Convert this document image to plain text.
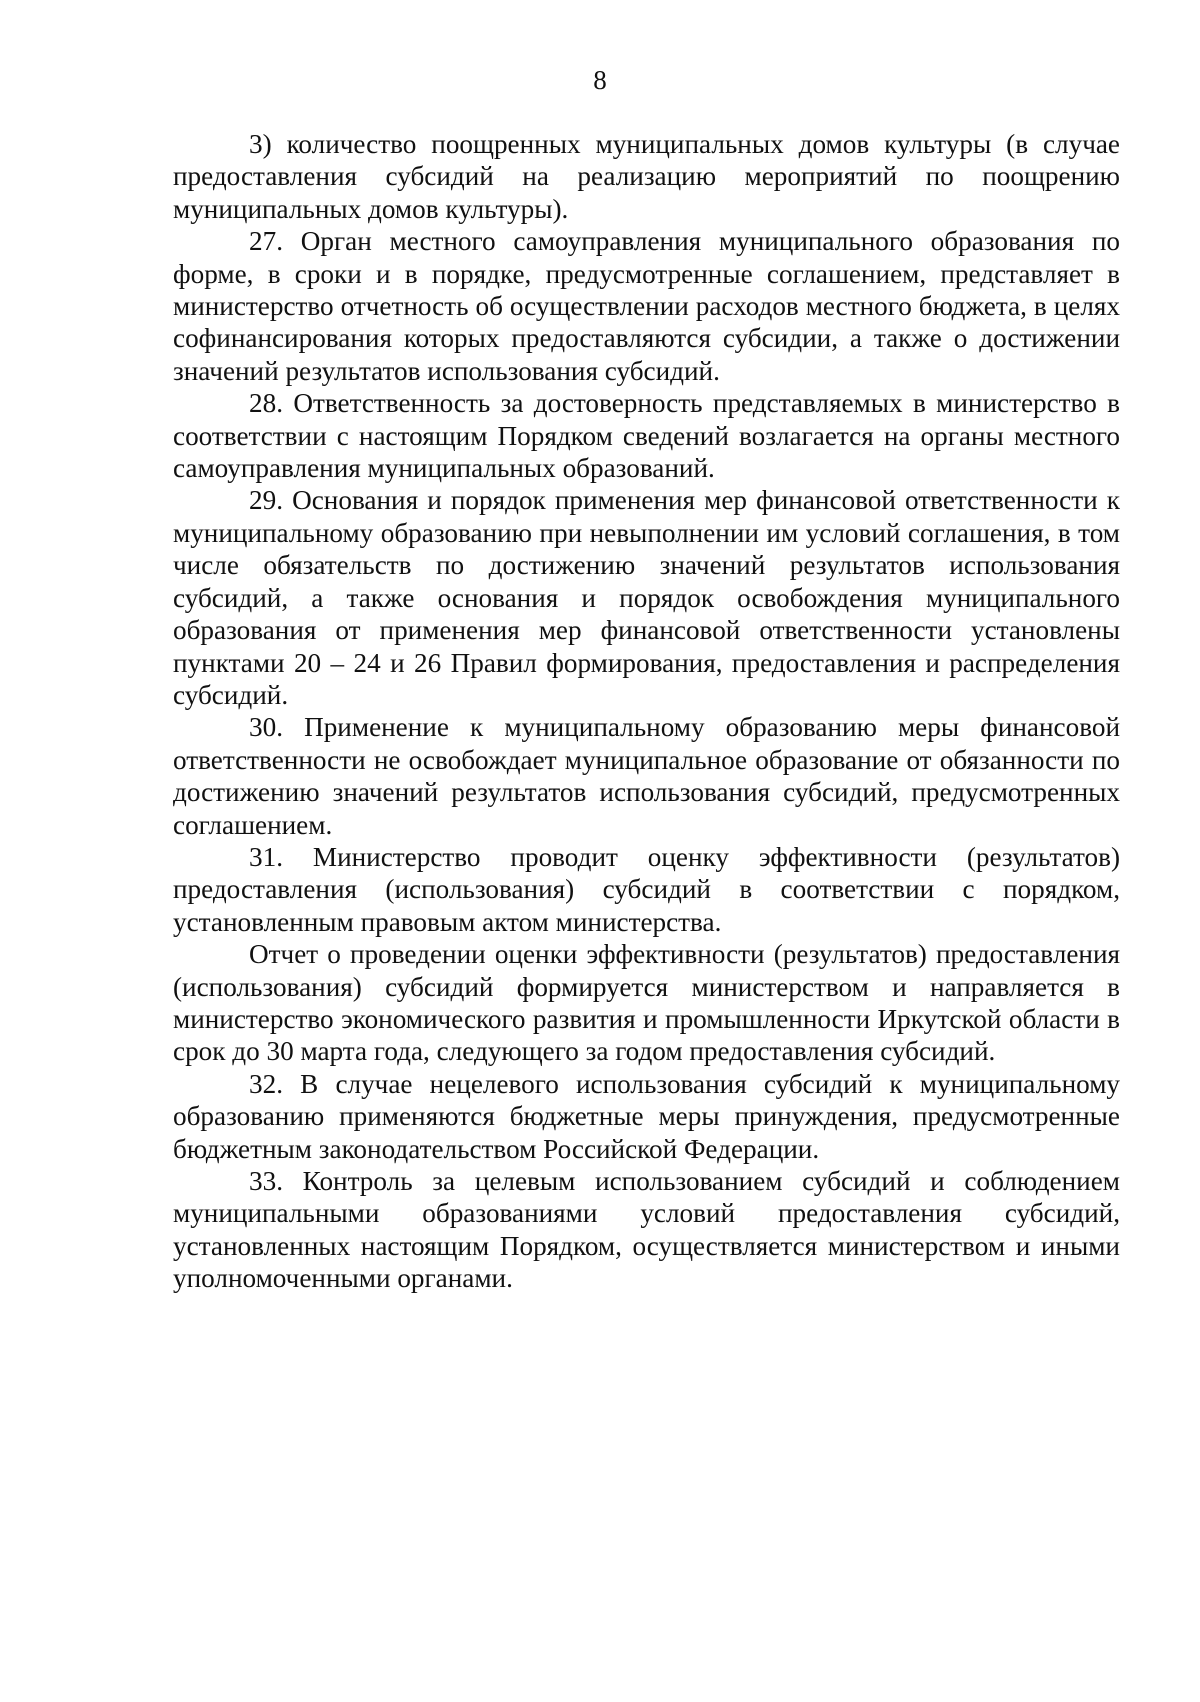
8

3) количество поощренных муниципальных домов культуры (в случае предоставления субсидий на реализацию мероприятий по поощрению муниципальных домов культуры).

27. Орган местного самоуправления муниципального образования по форме, в сроки и в порядке, предусмотренные соглашением, представляет в министерство отчетность об осуществлении расходов местного бюджета, в целях софинансирования которых предоставляются субсидии, а также о достижении значений результатов использования субсидий.

28. Ответственность за достоверность представляемых в министерство в соответствии с настоящим Порядком сведений возлагается на органы местного самоуправления муниципальных образований.

29. Основания и порядок применения мер финансовой ответственности к муниципальному образованию при невыполнении им условий соглашения, в том числе обязательств по достижению значений результатов использования субсидий, а также основания и порядок освобождения муниципального образования от применения мер финансовой ответственности установлены пунктами 20 – 24 и 26 Правил формирования, предоставления и распределения субсидий.

30. Применение к муниципальному образованию меры финансовой ответственности не освобождает муниципальное образование от обязанности по достижению значений результатов использования субсидий, предусмотренных соглашением.

31. Министерство проводит оценку эффективности (результатов) предоставления (использования) субсидий в соответствии с порядком, установленным правовым актом министерства.

Отчет о проведении оценки эффективности (результатов) предоставления (использования) субсидий формируется министерством и направляется в министерство экономического развития и промышленности Иркутской области в срок до 30 марта года, следующего за годом предоставления субсидий.

32. В случае нецелевого использования субсидий к муниципальному образованию применяются бюджетные меры принуждения, предусмотренные бюджетным законодательством Российской Федерации.

33. Контроль за целевым использованием субсидий и соблюдением муниципальными образованиями условий предоставления субсидий, установленных настоящим Порядком, осуществляется министерством и иными уполномоченными органами.
